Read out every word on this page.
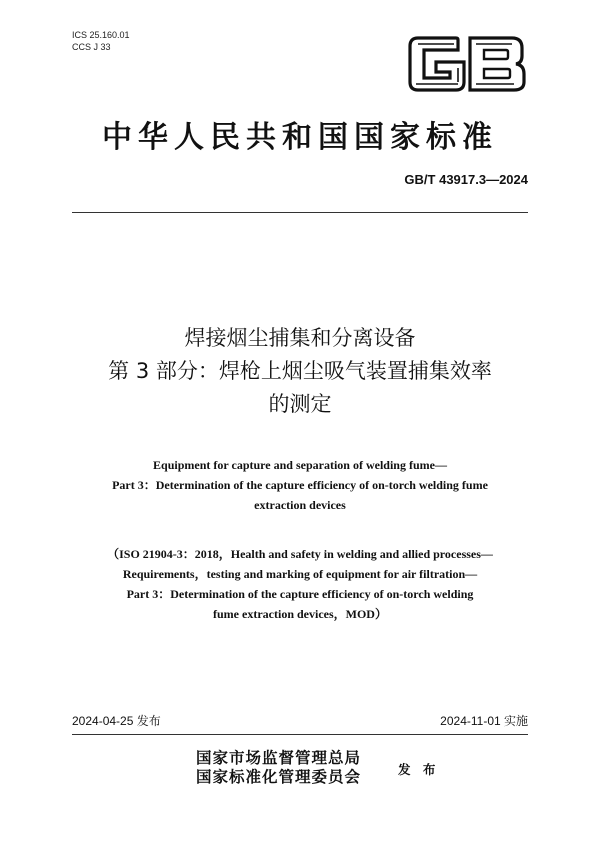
ICS 25.160.01
CCS J 33
中华人民共和国国家标准
GB/T 43917.3—2024
焊接烟尘捕集和分离设备
第 3 部分：焊枪上烟尘吸气装置捕集效率
的测定
Equipment for capture and separation of welding fume—
Part 3：Determination of the capture efficiency of on-torch welding fume
extraction devices
（ISO 21904-3：2018，Health and safety in welding and allied processes—
Requirements，testing and marking of equipment for air filtration—
Part 3：Determination of the capture efficiency of on-torch welding
fume extraction devices，MOD）
2024-04-25 发布	2024-11-01 实施
国家市场监督管理总局
国家标准化管理委员会	发 布
